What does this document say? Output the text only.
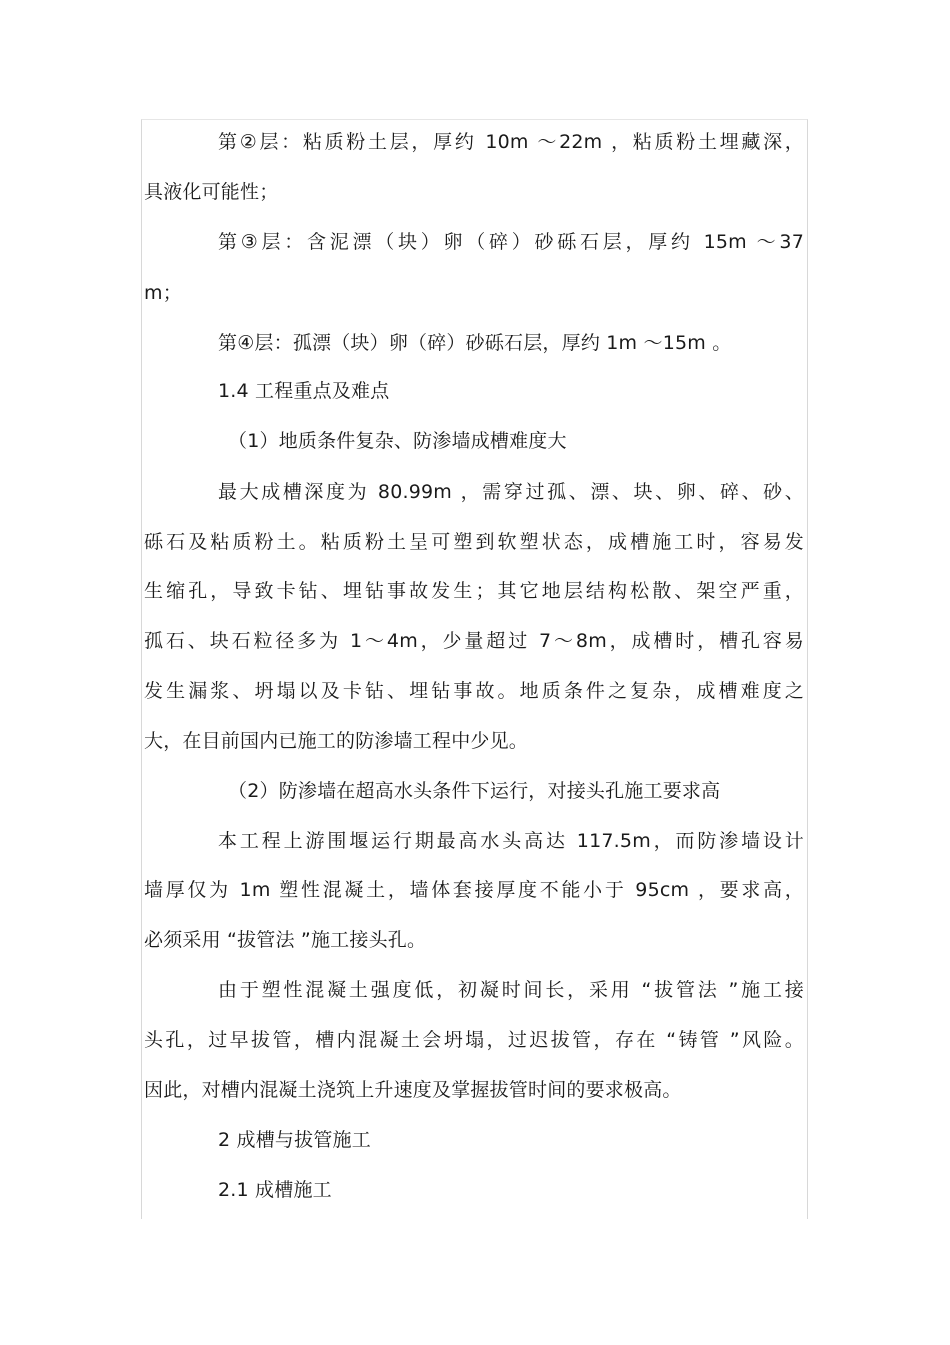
第②层：粘质粉土层，厚约 10m ～22m ，粘质粉土埋藏深，
具液化可能性；
第③层：含泥漂（块）卵（碎）砂砾石层，厚约 15m ～37
m；
第④层：孤漂（块）卵（碎）砂砾石层，厚约 1m ～15m 。
1.4 工程重点及难点
（1）地质条件复杂、防渗墙成槽难度大
最大成槽深度为 80.99m ，需穿过孤、漂、块、卵、碎、砂、
砾石及粘质粉土。粘质粉土呈可塑到软塑状态，成槽施工时，容易发
生缩孔，导致卡钻、埋钻事故发生；其它地层结构松散、架空严重，
孤石、块石粒径多为 1～4m，少量超过 7～8m，成槽时，槽孔容易
发生漏浆、坍塌以及卡钻、埋钻事故。地质条件之复杂，成槽难度之
大，在目前国内已施工的防渗墙工程中少见。
（2）防渗墙在超高水头条件下运行，对接头孔施工要求高
本工程上游围堰运行期最高水头高达 117.5m，而防渗墙设计
墙厚仅为 1m 塑性混凝土，墙体套接厚度不能小于 95cm ，要求高，
必须采用 “拔管法 ”施工接头孔。
由于塑性混凝土强度低，初凝时间长，采用 “拔管法 ”施工接
头孔，过早拔管，槽内混凝土会坍塌，过迟拔管，存在 “铸管 ”风险。
因此，对槽内混凝土浇筑上升速度及掌握拔管时间的要求极高。
2 成槽与拔管施工
2.1 成槽施工
